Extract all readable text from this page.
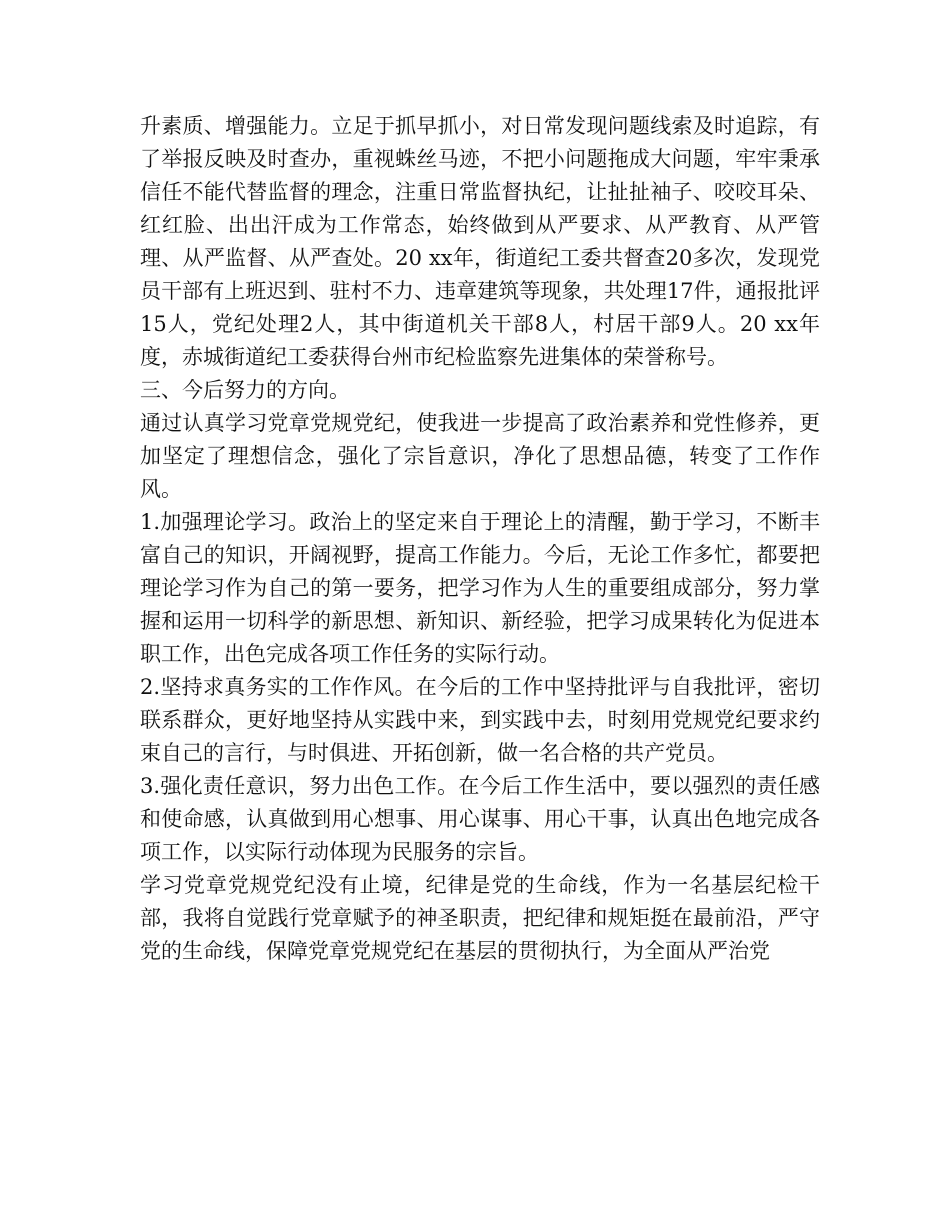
升素质、增强能力。立足于抓早抓小，对日常发现问题线索及时追踪，有了举报反映及时查办，重视蛛丝马迹，不把小问题拖成大问题，牢牢秉承信任不能代替监督的理念，注重日常监督执纪，让扯扯袖子、咬咬耳朵、红红脸、出出汗成为工作常态，始终做到从严要求、从严教育、从严管理、从严监督、从严查处。20 xx年，街道纪工委共督查20多次，发现党员干部有上班迟到、驻村不力、违章建筑等现象，共处理17件，通报批评15人，党纪处理2人，其中街道机关干部8人，村居干部9人。20 xx年度，赤城街道纪工委获得台州市纪检监察先进集体的荣誉称号。

三、今后努力的方向。

通过认真学习党章党规党纪，使我进一步提高了政治素养和党性修养，更加坚定了理想信念，强化了宗旨意识，净化了思想品德，转变了工作作风。

1.加强理论学习。政治上的坚定来自于理论上的清醒，勤于学习，不断丰富自己的知识，开阔视野，提高工作能力。今后，无论工作多忙，都要把理论学习作为自己的第一要务，把学习作为人生的重要组成部分，努力掌握和运用一切科学的新思想、新知识、新经验，把学习成果转化为促进本职工作，出色完成各项工作任务的实际行动。

2.坚持求真务实的工作作风。在今后的工作中坚持批评与自我批评，密切联系群众，更好地坚持从实践中来，到实践中去，时刻用党规党纪要求约束自己的言行，与时俱进、开拓创新，做一名合格的共产党员。

3.强化责任意识，努力出色工作。在今后工作生活中，要以强烈的责任感和使命感，认真做到用心想事、用心谋事、用心干事，认真出色地完成各项工作，以实际行动体现为民服务的宗旨。

学习党章党规党纪没有止境，纪律是党的生命线，作为一名基层纪检干部，我将自觉践行党章赋予的神圣职责，把纪律和规矩挺在最前沿，严守党的生命线，保障党章党规党纪在基层的贯彻执行，为全面从严治党
